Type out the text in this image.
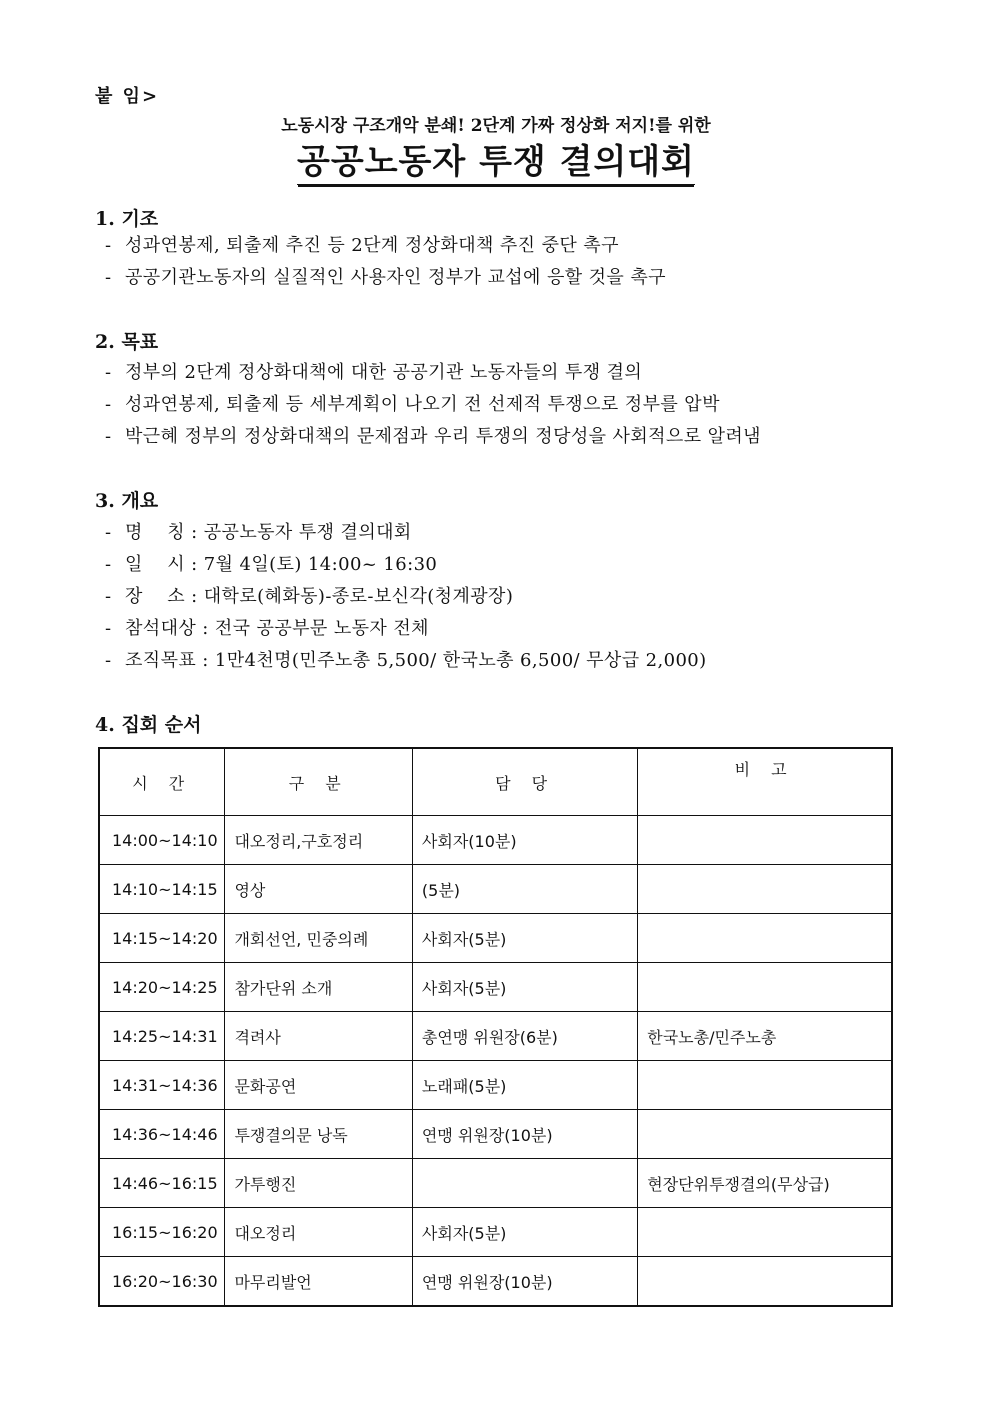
붙 임>
노동시장 구조개악 분쇄! 2단계 가짜 정상화 저지!를 위한
공공노동자 투쟁 결의대회
1. 기조
- 성과연봉제, 퇴출제 추진 등 2단계 정상화대책 추진 중단 촉구
- 공공기관노동자의 실질적인 사용자인 정부가 교섭에 응할 것을 촉구
2. 목표
- 정부의 2단계 정상화대책에 대한 공공기관 노동자들의 투쟁 결의
- 성과연봉제, 퇴출제 등 세부계획이 나오기 전 선제적 투쟁으로 정부를 압박
- 박근혜 정부의 정상화대책의 문제점과 우리 투쟁의 정당성을 사회적으로 알려냄
3. 개요
- 명    칭 : 공공노동자 투쟁 결의대회
- 일    시 : 7월 4일(토) 14:00~ 16:30
- 장    소 : 대학로(혜화동)-종로-보신각(청계광장)
- 참석대상 : 전국 공공부문 노동자 전체
- 조직목표 : 1만4천명(민주노총 5,500/ 한국노총 6,500/ 무상급 2,000)
4. 집회 순서
시 간	구 분	담 당	비 고
14:00~14:10	대오정리,구호정리	사회자(10분)	
14:10~14:15	영상	(5분)	
14:15~14:20	개회선언, 민중의례	사회자(5분)	
14:20~14:25	참가단위 소개	사회자(5분)	
14:25~14:31	격려사	총연맹 위원장(6분)	한국노총/민주노총
14:31~14:36	문화공연	노래패(5분)	
14:36~14:46	투쟁결의문 낭독	연맹 위원장(10분)	
14:46~16:15	가투행진		현장단위투쟁결의(무상급)
16:15~16:20	대오정리	사회자(5분)	
16:20~16:30	마무리발언	연맹 위원장(10분)	
